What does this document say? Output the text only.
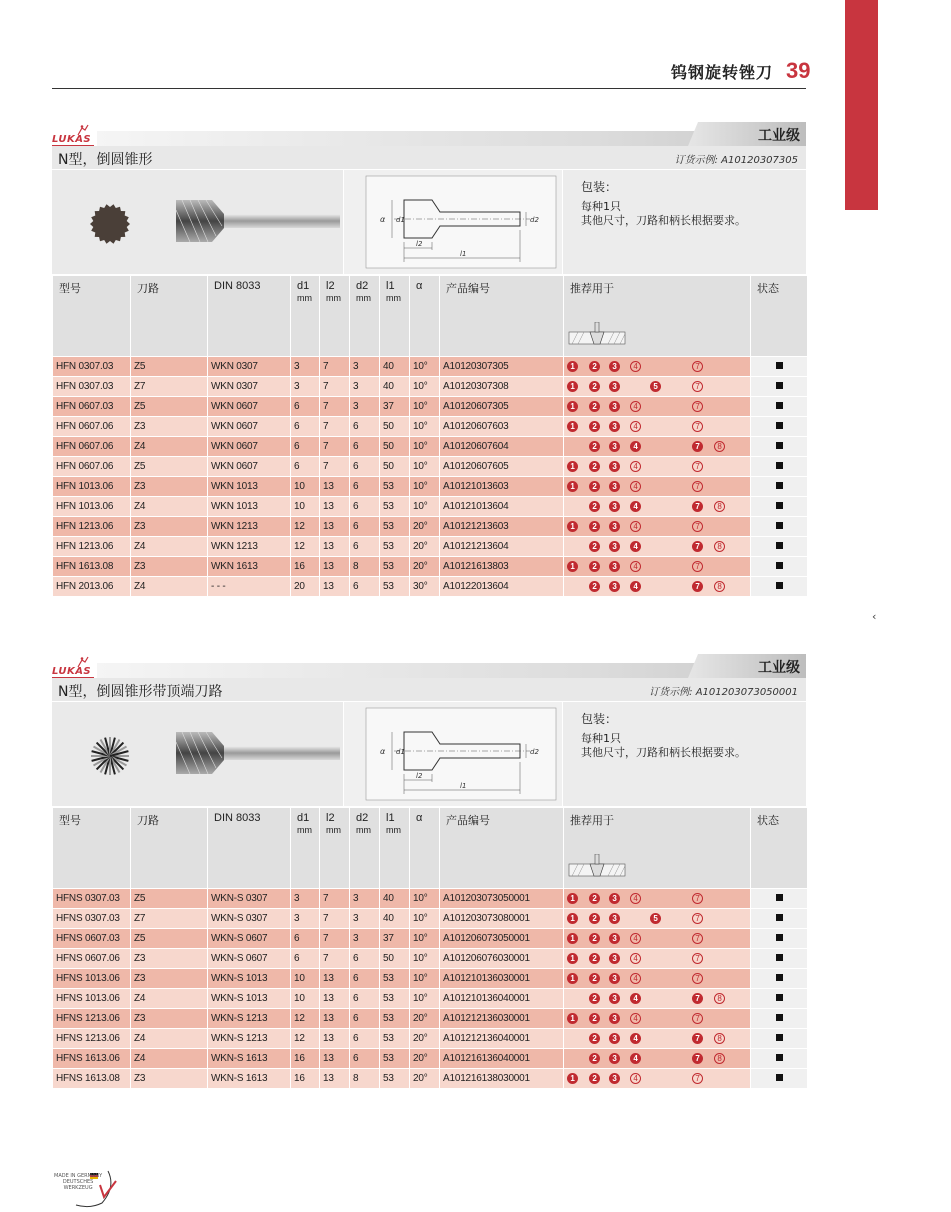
‹
钨钢旋转锉刀 39
工业级
LUKAS
N型，倒圆锥形	订货示例: A10120307305
l2
l1
d2
d1
α
包装：
每种1只
其他尺寸，刀路和柄长根据要求。
型号	刀路	DIN 8033	d1
mm	l2
mm	d2
mm	l1
mm	α	产品编号	推荐用于	状态
HFN 0307.03	Z5	WKN 0307	3	7	3	40	10°	A10120307305	1 2 3 4 7	

HFN 0307.03	Z7	WKN 0307	3	7	3	40	10°	A10120307308	1 2 3 5 7	

HFN 0607.03	Z5	WKN 0607	6	7	3	37	10°	A10120607305	1 2 3 4 7	

HFN 0607.06	Z3	WKN 0607	6	7	6	50	10°	A10120607603	1 2 3 4 7	

HFN 0607.06	Z4	WKN 0607	6	7	6	50	10°	A10120607604	2 3 4 7 8	

HFN 0607.06	Z5	WKN 0607	6	7	6	50	10°	A10120607605	1 2 3 4 7	

HFN 1013.06	Z3	WKN 1013	10	13	6	53	10°	A10121013603	1 2 3 4 7	

HFN 1013.06	Z4	WKN 1013	10	13	6	53	10°	A10121013604	2 3 4 7 8	

HFN 1213.06	Z3	WKN 1213	12	13	6	53	20°	A10121213603	1 2 3 4 7	

HFN 1213.06	Z4	WKN 1213	12	13	6	53	20°	A10121213604	2 3 4 7 8	

HFN 1613.08	Z3	WKN 1613	16	13	8	53	20°	A10121613803	1 2 3 4 7	

HFN 2013.06	Z4	- - -	20	13	6	53	30°	A10122013604	2 3 4 7 8	

工业级
LUKAS
N型，倒圆锥形带顶端刀路	订货示例: A101203073050001
l2
l1
d2
d1
α
包装：
每种1只
其他尺寸，刀路和柄长根据要求。
型号	刀路	DIN 8033	d1
mm	l2
mm	d2
mm	l1
mm	α	产品编号	推荐用于	状态
HFNS 0307.03	Z5	WKN-S 0307	3	7	3	40	10°	A101203073050001	1 2 3 4 7	

HFNS 0307.03	Z7	WKN-S 0307	3	7	3	40	10°	A101203073080001	1 2 3 5 7	

HFNS 0607.03	Z5	WKN-S 0607	6	7	3	37	10°	A101206073050001	1 2 3 4 7	

HFNS 0607.06	Z3	WKN-S 0607	6	7	6	50	10°	A101206076030001	1 2 3 4 7	

HFNS 1013.06	Z3	WKN-S 1013	10	13	6	53	10°	A101210136030001	1 2 3 4 7	

HFNS 1013.06	Z4	WKN-S 1013	10	13	6	53	10°	A101210136040001	2 3 4 7 8	

HFNS 1213.06	Z3	WKN-S 1213	12	13	6	53	20°	A101212136030001	1 2 3 4 7	

HFNS 1213.06	Z4	WKN-S 1213	12	13	6	53	20°	A101212136040001	2 3 4 7 8	

HFNS 1613.06	Z4	WKN-S 1613	16	13	6	53	20°	A101216136040001	2 3 4 7 8	

HFNS 1613.08	Z3	WKN-S 1613	16	13	8	53	20°	A101216138030001	1 2 3 4 7	

MADE IN GERMANY
DEUTSCHES
WERKZEUG
